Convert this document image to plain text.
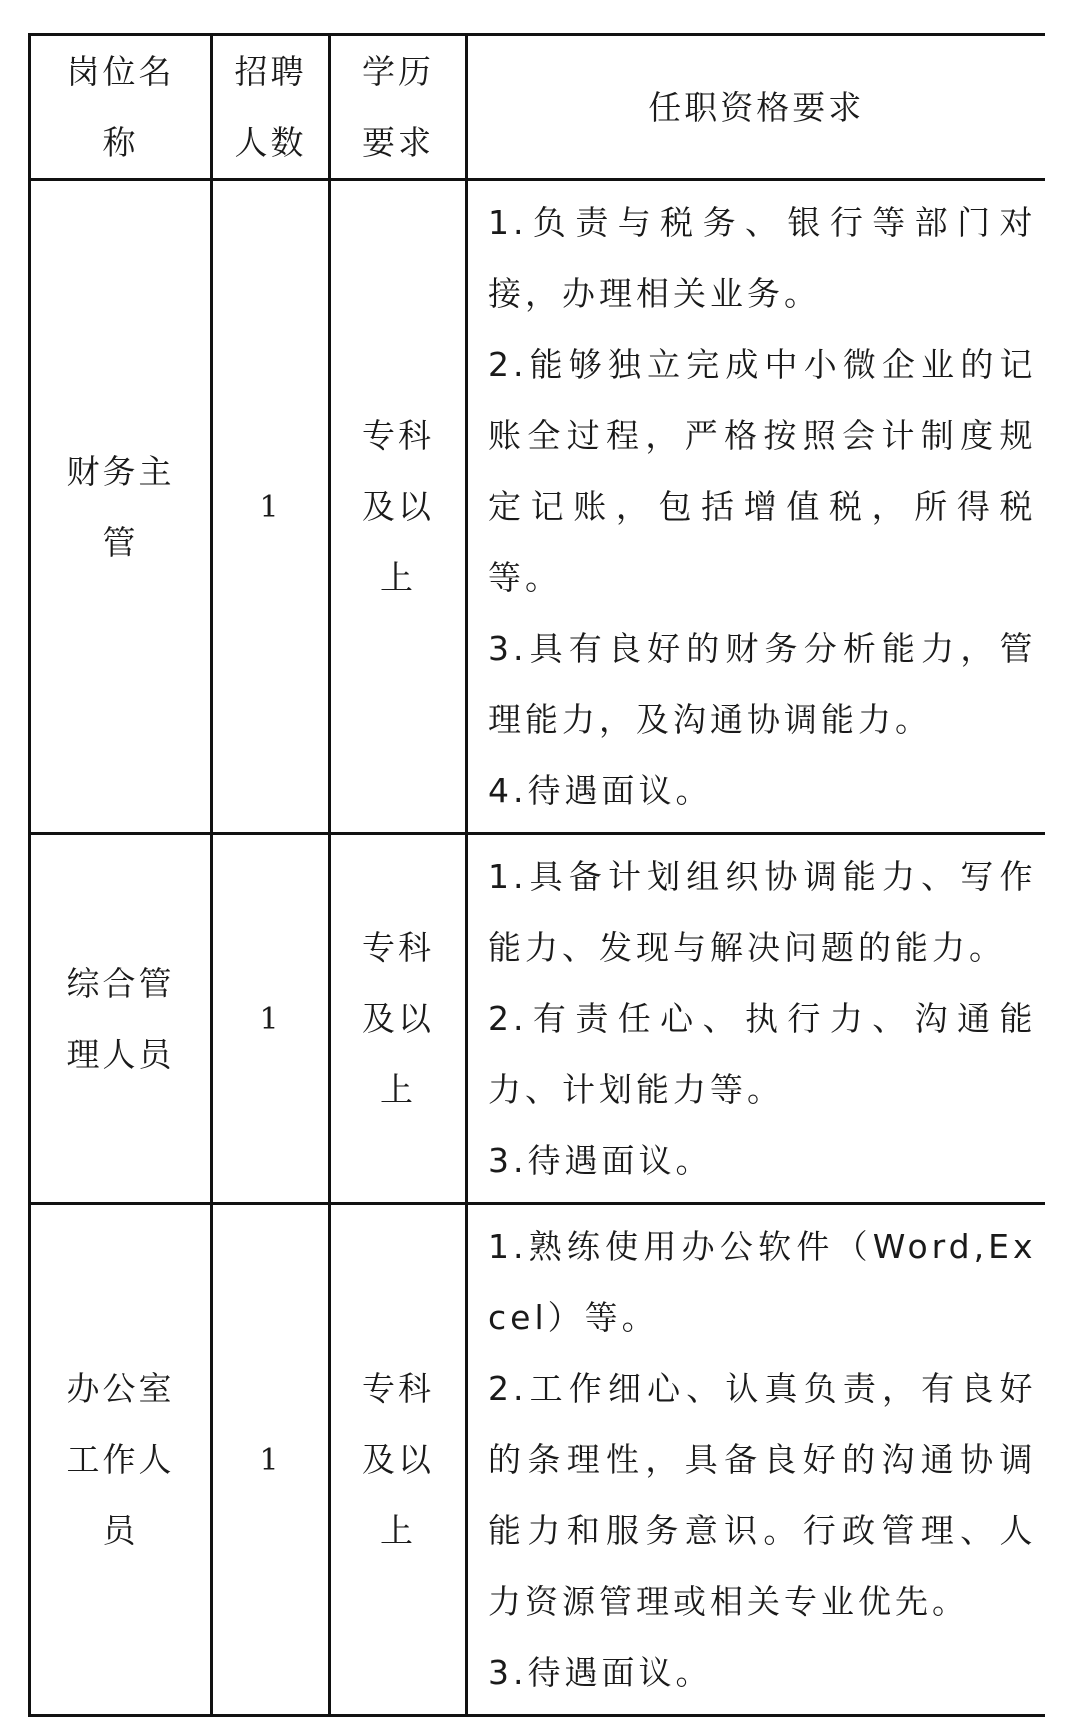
岗位名称	招聘人数	学历要求	任职资格要求
财务主管	1	专科及以上	1.负责与税务、银行等部门对接，办理相关业务。
2.能够独立完成中小微企业的记账全过程，严格按照会计制度规定记账，包括增值税，所得税等。
3.具有良好的财务分析能力，管理能力，及沟通协调能力。
4.待遇面议。

综合管理人员	1	专科及以上	1.具备计划组织协调能力、写作能力、发现与解决问题的能力。
2.有责任心、执行力、沟通能力、计划能力等。
3.待遇面议。

办公室工作人员	1	专科及以上	1.熟练使用办公软件（Word,Excel）等。
2.工作细心、认真负责，有良好的条理性，具备良好的沟通协调能力和服务意识。行政管理、人力资源管理或相关专业优先。
3.待遇面议。
